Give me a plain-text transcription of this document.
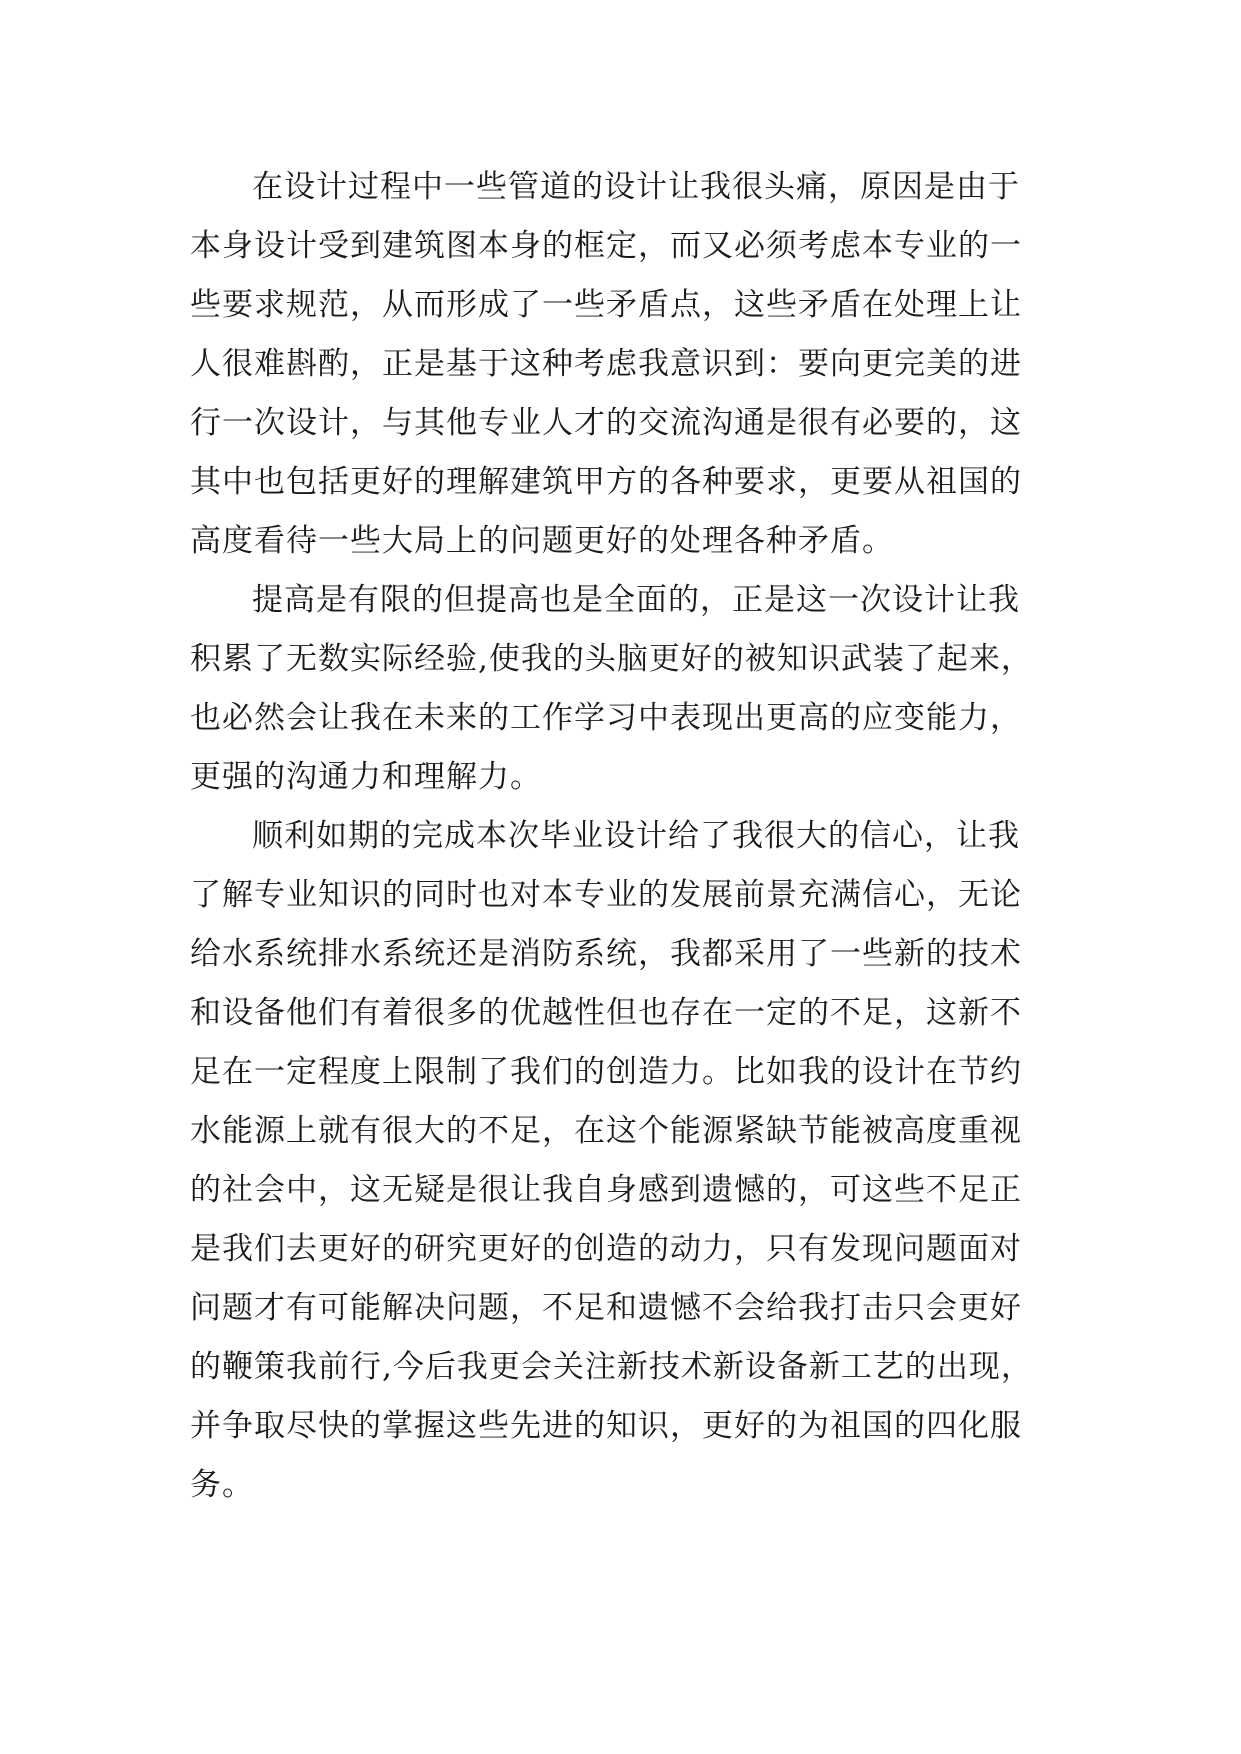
在设计过程中一些管道的设计让我很头痛，原因是由于
本身设计受到建筑图本身的框定，而又必须考虑本专业的一
些要求规范，从而形成了一些矛盾点，这些矛盾在处理上让
人很难斟酌，正是基于这种考虑我意识到：要向更完美的进
行一次设计，与其他专业人才的交流沟通是很有必要的，这
其中也包括更好的理解建筑甲方的各种要求，更要从祖国的
高度看待一些大局上的问题更好的处理各种矛盾。
提高是有限的但提高也是全面的，正是这一次设计让我
积累了无数实际经验,使我的头脑更好的被知识武装了起来，
也必然会让我在未来的工作学习中表现出更高的应变能力，
更强的沟通力和理解力。
顺利如期的完成本次毕业设计给了我很大的信心，让我
了解专业知识的同时也对本专业的发展前景充满信心，无论
给水系统排水系统还是消防系统，我都采用了一些新的技术
和设备他们有着很多的优越性但也存在一定的不足，这新不
足在一定程度上限制了我们的创造力。比如我的设计在节约
水能源上就有很大的不足，在这个能源紧缺节能被高度重视
的社会中，这无疑是很让我自身感到遗憾的，可这些不足正
是我们去更好的研究更好的创造的动力，只有发现问题面对
问题才有可能解决问题，不足和遗憾不会给我打击只会更好
的鞭策我前行,今后我更会关注新技术新设备新工艺的出现，
并争取尽快的掌握这些先进的知识，更好的为祖国的四化服
务。
